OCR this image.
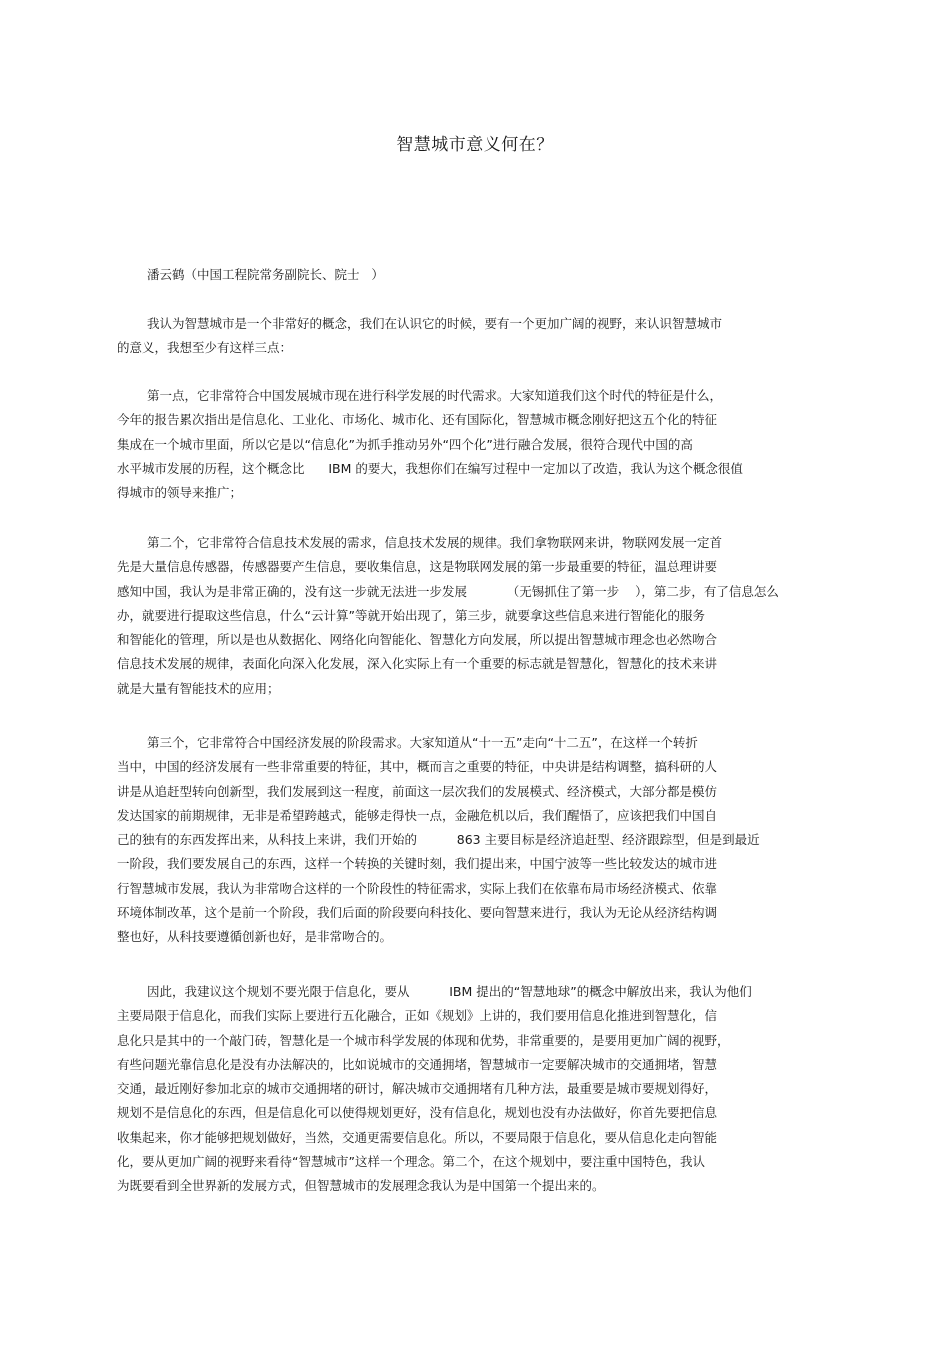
智慧城市意义何在？
潘云鹤（中国工程院常务副院长、院士   ）
我认为智慧城市是一个非常好的概念，我们在认识它的时候，要有一个更加广阔的视野，来认识智慧城市
的意义，我想至少有这样三点：
第一点，它非常符合中国发展城市现在进行科学发展的时代需求。大家知道我们这个时代的特征是什么，
今年的报告累次指出是信息化、工业化、市场化、城市化、还有国际化，智慧城市概念刚好把这五个化的特征
集成在一个城市里面，所以它是以“信息化”为抓手推动另外“四个化”进行融合发展，很符合现代中国的高
水平城市发展的历程，这个概念比      IBM 的要大，我想你们在编写过程中一定加以了改造，我认为这个概念很值
得城市的领导来推广；
第二个，它非常符合信息技术发展的需求，信息技术发展的规律。我们拿物联网来讲，物联网发展一定首
先是大量信息传感器，传感器要产生信息，要收集信息，这是物联网发展的第一步最重要的特征，温总理讲要
感知中国，我认为是非常正确的，没有这一步就无法进一步发展          （无锡抓住了第一步    ），第二步，有了信息怎么
办，就要进行提取这些信息，什么“云计算”等就开始出现了，第三步，就要拿这些信息来进行智能化的服务
和智能化的管理，所以是也从数据化、网络化向智能化、智慧化方向发展，所以提出智慧城市理念也必然吻合
信息技术发展的规律，表面化向深入化发展，深入化实际上有一个重要的标志就是智慧化，智慧化的技术来讲
就是大量有智能技术的应用；
第三个，它非常符合中国经济发展的阶段需求。大家知道从“十一五”走向“十二五”，在这样一个转折
当中，中国的经济发展有一些非常重要的特征，其中，概而言之重要的特征，中央讲是结构调整，搞科研的人
讲是从追赶型转向创新型，我们发展到这一程度，前面这一层次我们的发展模式、经济模式，大部分都是模仿
发达国家的前期规律，无非是希望跨越式，能够走得快一点，金融危机以后，我们醒悟了，应该把我们中国自
己的独有的东西发挥出来，从科技上来讲，我们开始的          863 主要目标是经济追赶型、经济跟踪型，但是到最近
一阶段，我们要发展自己的东西，这样一个转换的关键时刻，我们提出来，中国宁波等一些比较发达的城市进
行智慧城市发展，我认为非常吻合这样的一个阶段性的特征需求，实际上我们在依靠布局市场经济模式、依靠
环境体制改革，这个是前一个阶段，我们后面的阶段要向科技化、要向智慧来进行，我认为无论从经济结构调
整也好，从科技要遵循创新也好，是非常吻合的。
因此，我建议这个规划不要光限于信息化，要从          IBM 提出的“智慧地球”的概念中解放出来，我认为他们
主要局限于信息化，而我们实际上要进行五化融合，正如《规划》上讲的，我们要用信息化推进到智慧化，信
息化只是其中的一个敲门砖，智慧化是一个城市科学发展的体现和优势，非常重要的，是要用更加广阔的视野，
有些问题光靠信息化是没有办法解决的，比如说城市的交通拥堵，智慧城市一定要解决城市的交通拥堵，智慧
交通，最近刚好参加北京的城市交通拥堵的研讨，解决城市交通拥堵有几种方法，最重要是城市要规划得好，
规划不是信息化的东西，但是信息化可以使得规划更好，没有信息化，规划也没有办法做好，你首先要把信息
收集起来，你才能够把规划做好，当然，交通更需要信息化。所以，不要局限于信息化，要从信息化走向智能
化，要从更加广阔的视野来看待“智慧城市”这样一个理念。第二个，在这个规划中，要注重中国特色，我认
为既要看到全世界新的发展方式，但智慧城市的发展理念我认为是中国第一个提出来的。
